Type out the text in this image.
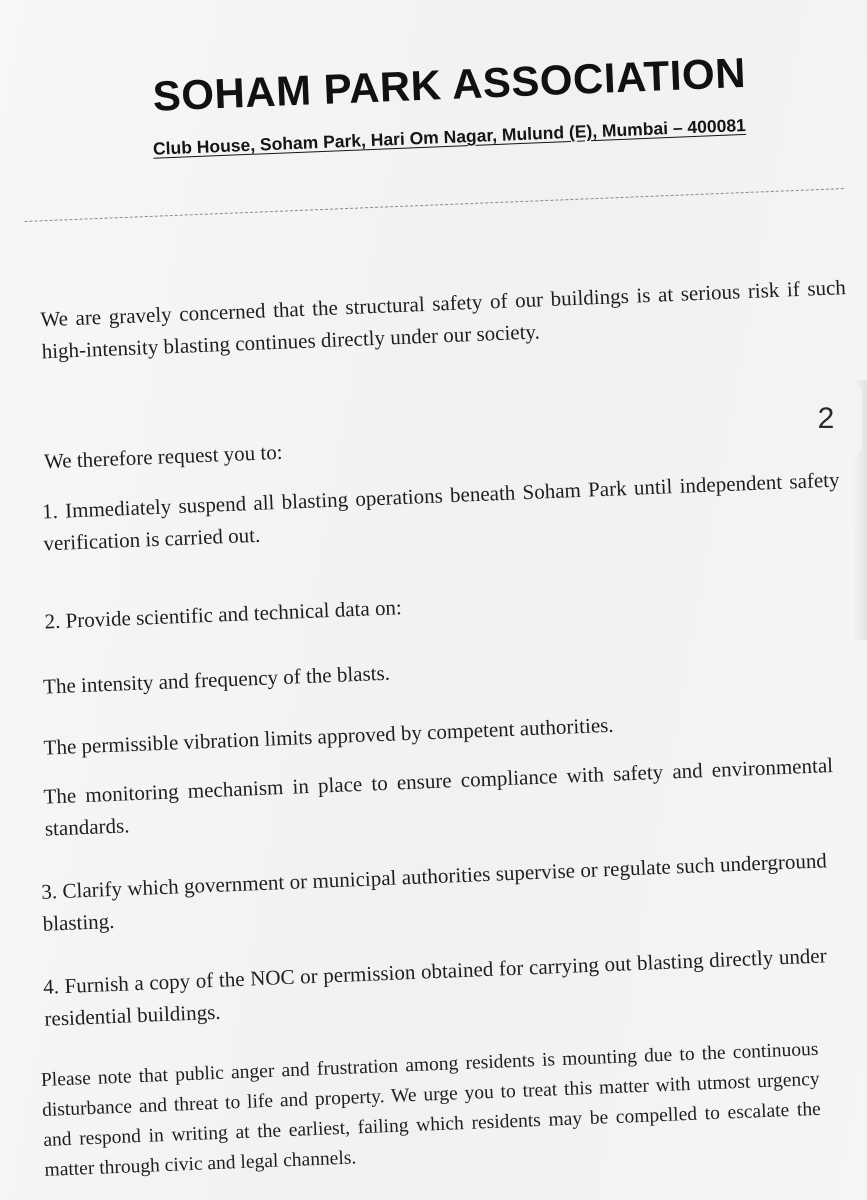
SOHAM PARK ASSOCIATION

Club House, Soham Park, Hari Om Nagar, Mulund (E), Mumbai – 400081

We are gravely concerned that the structural safety of our buildings is at serious risk if such high-intensity blasting continues directly under our society.

We therefore request you to:

1. Immediately suspend all blasting operations beneath Soham Park until independent safety verification is carried out.

2. Provide scientific and technical data on:

The intensity and frequency of the blasts.

The permissible vibration limits approved by competent authorities.

The monitoring mechanism in place to ensure compliance with safety and environmental standards.

3. Clarify which government or municipal authorities supervise or regulate such underground blasting.

4. Furnish a copy of the NOC or permission obtained for carrying out blasting directly under residential buildings.

Please note that public anger and frustration among residents is mounting due to the continuous disturbance and threat to life and property. We urge you to treat this matter with utmost urgency and respond in writing at the earliest, failing which residents may be compelled to escalate the matter through civic and legal channels.

2
